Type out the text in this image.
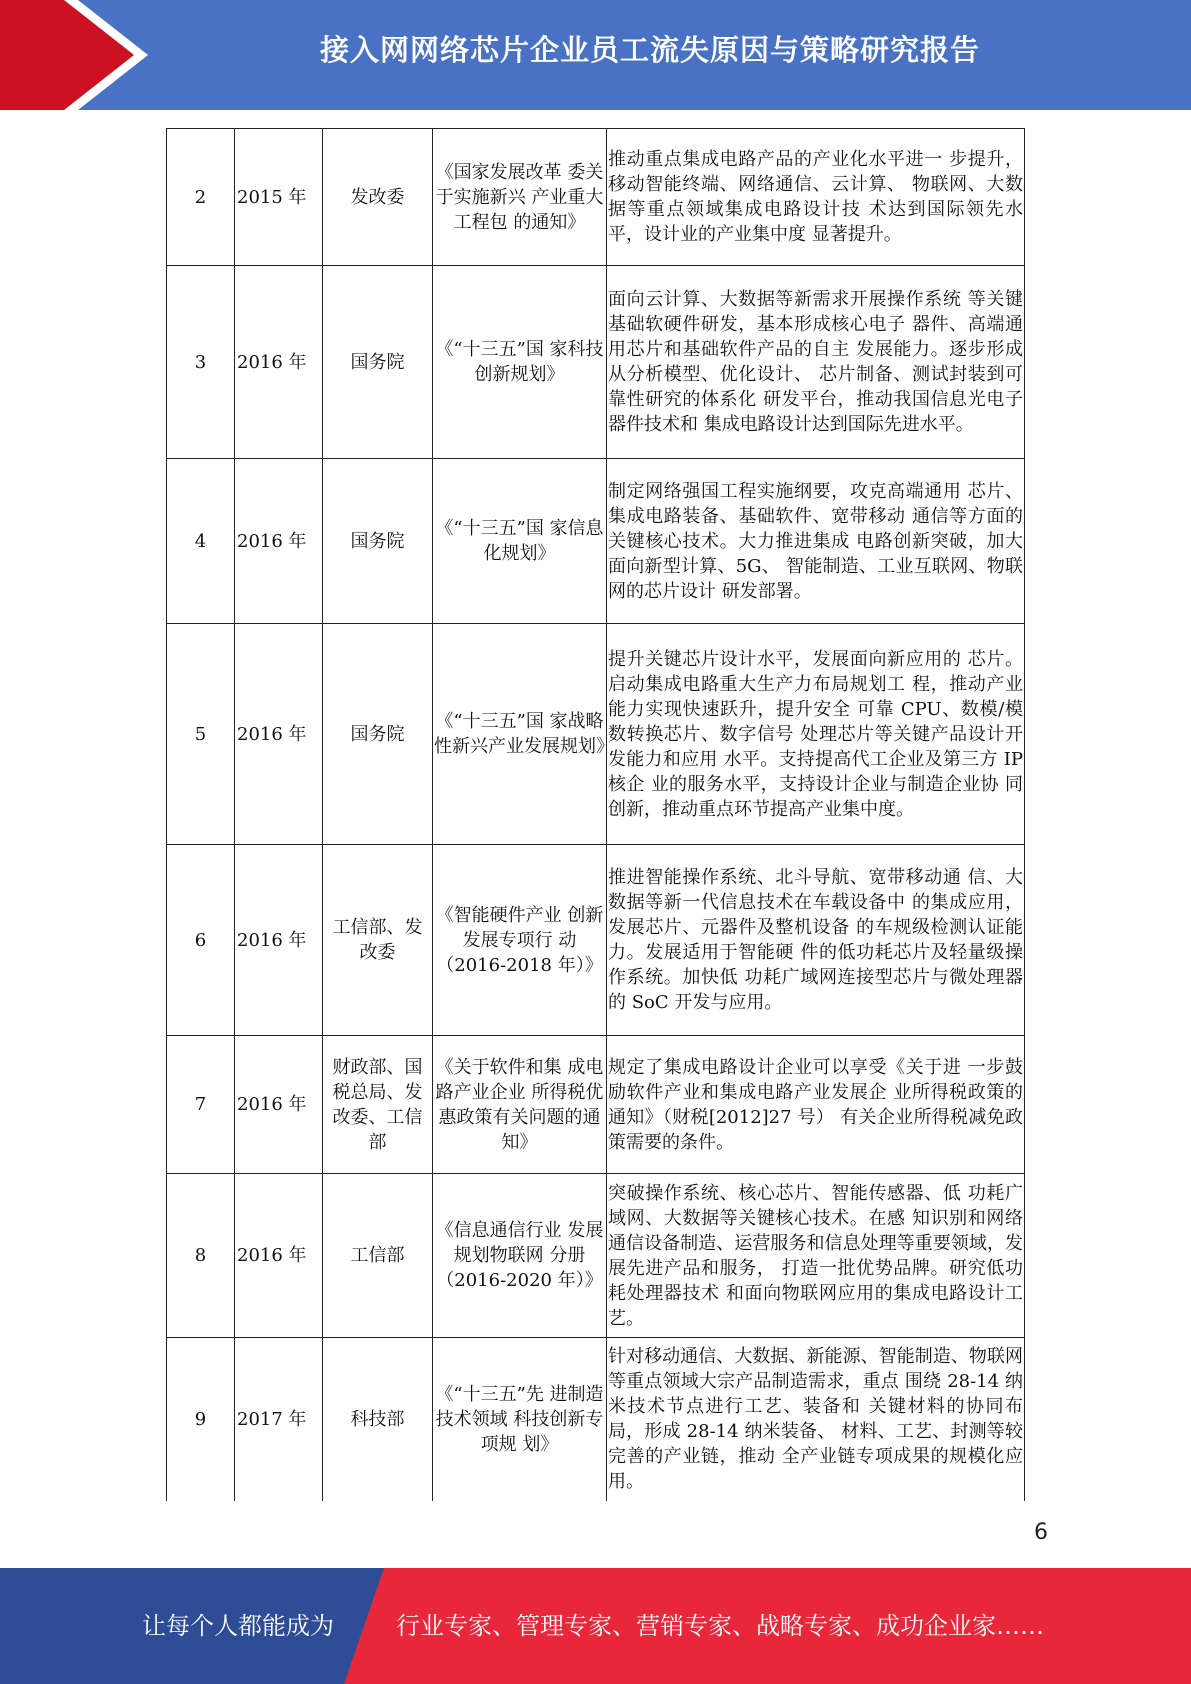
接入网网络芯片企业员工流失原因与策略研究报告
2	2015 年	发改委	《国家发展改革 委关于实施新兴 产业重大工程包 的通知》	推动重点集成电路产品的产业化水平进一 步提升，移动智能终端、网络通信、云计算、 物联网、大数据等重点领域集成电路设计技 术达到国际领先水平，设计业的产业集中度 显著提升。
3	2016 年	国务院	《“十三五”国 家科技创新规划》	面向云计算、大数据等新需求开展操作系统 等关键基础软硬件研发，基本形成核心电子 器件、高端通用芯片和基础软件产品的自主 发展能力。逐步形成从分析模型、优化设计、 芯片制备、测试封装到可靠性研究的体系化 研发平台，推动我国信息光电子器件技术和 集成电路设计达到国际先进水平。
4	2016 年	国务院	《“十三五”国 家信息化规划》	制定网络强国工程实施纲要，攻克高端通用 芯片、集成电路装备、基础软件、宽带移动 通信等方面的关键核心技术。大力推进集成 电路创新突破，加大面向新型计算、5G、 智能制造、工业互联网、物联网的芯片设计 研发部署。
5	2016 年	国务院	《“十三五”国 家战略性新兴产业发展规划》	提升关键芯片设计水平，发展面向新应用的 芯片。启动集成电路重大生产力布局规划工 程，推动产业能力实现快速跃升，提升安全 可靠 CPU、数模/模数转换芯片、数字信号 处理芯片等关键产品设计开发能力和应用 水平。支持提高代工企业及第三方 IP 核企 业的服务水平，支持设计企业与制造企业协 同创新，推动重点环节提高产业集中度。
6	2016 年	工信部、发改委	《智能硬件产业 创新发展专项行 动（2016-2018 年）》	推进智能操作系统、北斗导航、宽带移动通 信、大数据等新一代信息技术在车载设备中 的集成应用，发展芯片、元器件及整机设备 的车规级检测认证能力。发展适用于智能硬 件的低功耗芯片及轻量级操作系统。加快低 功耗广域网连接型芯片与微处理器的 SoC 开发与应用。
7	2016 年	财政部、国税总局、发改委、工信部	《关于软件和集 成电路产业企业 所得税优惠政策有关问题的通 知》	规定了集成电路设计企业可以享受《关于进 一步鼓励软件产业和集成电路产业发展企 业所得税政策的通知》（财税[2012]27 号） 有关企业所得税减免政策需要的条件。
8	2016 年	工信部	《信息通信行业 发展规划物联网 分册（2016-2020 年）》	突破操作系统、核心芯片、智能传感器、低 功耗广域网、大数据等关键核心技术。在感 知识别和网络通信设备制造、运营服务和信息处理等重要领域，发展先进产品和服务， 打造一批优势品牌。研究低功耗处理器技术 和面向物联网应用的集成电路设计工艺。
9	2017 年	科技部	《“十三五”先 进制造技术领域 科技创新专项规 划》	针对移动通信、大数据、新能源、智能制造、物联网等重点领域大宗产品制造需求，重点 围绕 28-14 纳米技术节点进行工艺、装备和 关键材料的协同布局，形成 28-14 纳米装备、 材料、工艺、封测等较完善的产业链，推动 全产业链专项成果的规模化应用。
6
让每个人都能成为	行业专家、管理专家、营销专家、战略专家、成功企业家……
